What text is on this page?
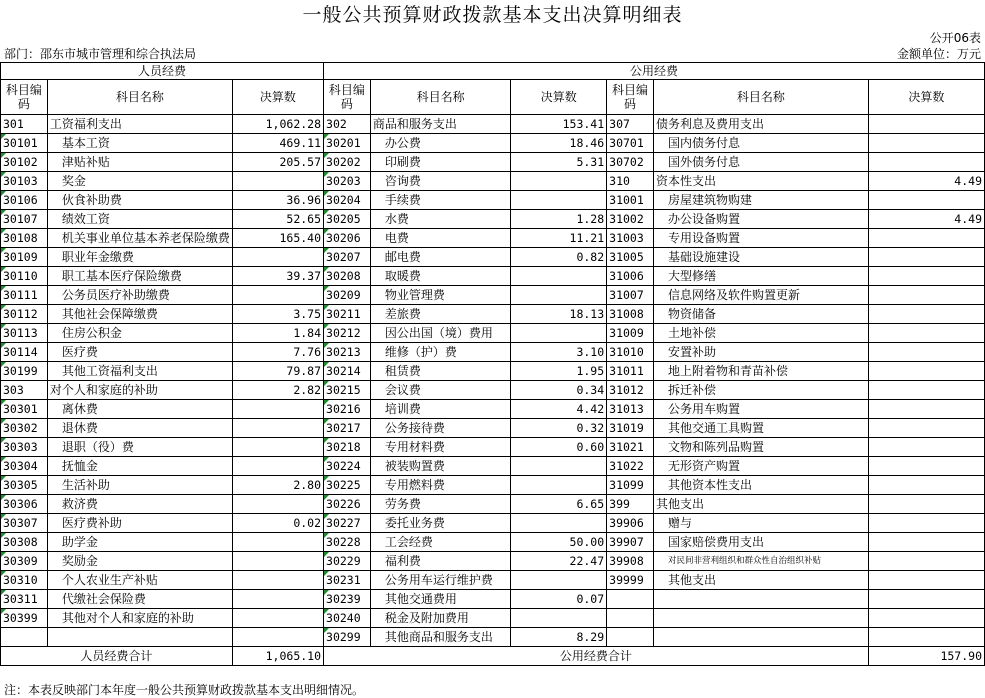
一般公共预算财政拨款基本支出决算明细表
公开06表
部门：邵东市城市管理和综合执法局	金额单位：万元
人员经费			公用经费					
科目编码	科目名称	决算数	科目编码	科目名称	决算数	科目编码	科目名称	决算数
301	工资福利支出	1,062.28	302	商品和服务支出	153.41	307	债务利息及费用支出	
30101	基本工资	469.11	30201	办公费	18.46	30701	国内债务付息	
30102	津贴补贴	205.57	30202	印刷费	5.31	30702	国外债务付息	
30103	奖金		30203	咨询费		310	资本性支出	4.49
30106	伙食补助费	36.96	30204	手续费		31001	房屋建筑物购建	
30107	绩效工资	52.65	30205	水费	1.28	31002	办公设备购置	4.49
30108	机关事业单位基本养老保险缴费	165.40	30206	电费	11.21	31003	专用设备购置	
30109	职业年金缴费		30207	邮电费	0.82	31005	基础设施建设	
30110	职工基本医疗保险缴费	39.37	30208	取暖费		31006	大型修缮	
30111	公务员医疗补助缴费		30209	物业管理费		31007	信息网络及软件购置更新	
30112	其他社会保障缴费	3.75	30211	差旅费	18.13	31008	物资储备	
30113	住房公积金	1.84	30212	因公出国（境）费用		31009	土地补偿	
30114	医疗费	7.76	30213	维修（护）费	3.10	31010	安置补助	
30199	其他工资福利支出	79.87	30214	租赁费	1.95	31011	地上附着物和青苗补偿	
303	对个人和家庭的补助	2.82	30215	会议费	0.34	31012	拆迁补偿	
30301	离休费		30216	培训费	4.42	31013	公务用车购置	
30302	退休费		30217	公务接待费	0.32	31019	其他交通工具购置	
30303	退职（役）费		30218	专用材料费	0.60	31021	文物和陈列品购置	
30304	抚恤金		30224	被装购置费		31022	无形资产购置	
30305	生活补助	2.80	30225	专用燃料费		31099	其他资本性支出	
30306	救济费		30226	劳务费	6.65	399	其他支出	
30307	医疗费补助	0.02	30227	委托业务费		39906	赠与	
30308	助学金		30228	工会经费	50.00	39907	国家赔偿费用支出	
30309	奖励金		30229	福利费	22.47	39908	对民间非营利组织和群众性自治组织补贴	
30310	个人农业生产补贴		30231	公务用车运行维护费		39999	其他支出	
30311	代缴社会保险费		30239	其他交通费用	0.07			
30399	其他对个人和家庭的补助		30240	税金及附加费用				
			30299	其他商品和服务支出	8.29			
人员经费合计		1,065.10	公用经费合计					157.90
注：本表反映部门本年度一般公共预算财政拨款基本支出明细情况。
